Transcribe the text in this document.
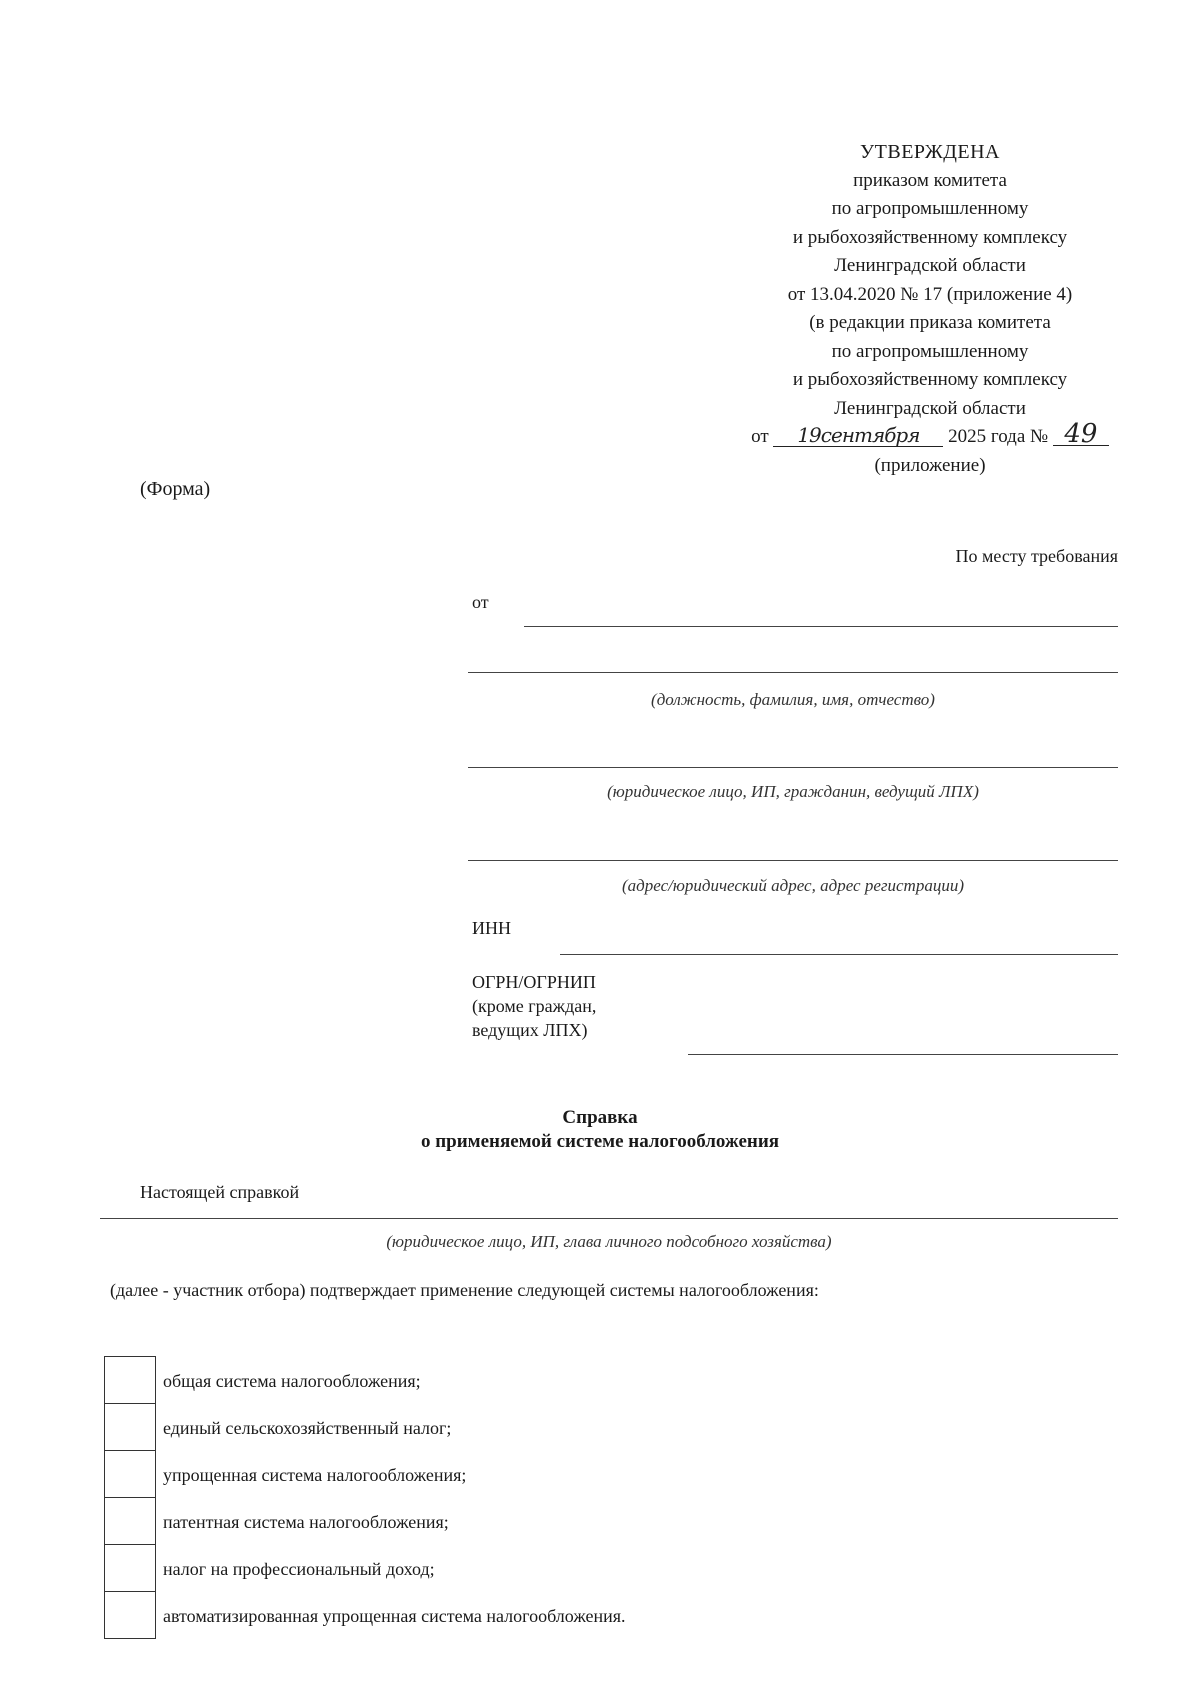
УТВЕРЖДЕНА
приказом комитета
по агропромышленному
и рыбохозяйственному комплексу
Ленинградской области
от 13.04.2020 № 17 (приложение 4)
(в редакции приказа комитета
по агропромышленному
и рыбохозяйственному комплексу
Ленинградской области
от 19сентября 2025 года № 49
(приложение)
(Форма)
По месту требования
от
(должность, фамилия, имя, отчество)
(юридическое лицо, ИП, гражданин, ведущий ЛПХ)
(адрес/юридический адрес, адрес регистрации)
ИНН
ОГРН/ОГРНИП
(кроме граждан,
ведущих ЛПХ)
Справка
о применяемой системе налогообложения
Настоящей справкой
(юридическое лицо, ИП, глава личного подсобного хозяйства)
(далее - участник отбора) подтверждает применение следующей системы налогообложения:
общая система налогообложения;
единый сельскохозяйственный налог;
упрощенная система налогообложения;
патентная система налогообложения;
налог на профессиональный доход;
автоматизированная упрощенная система налогообложения.
